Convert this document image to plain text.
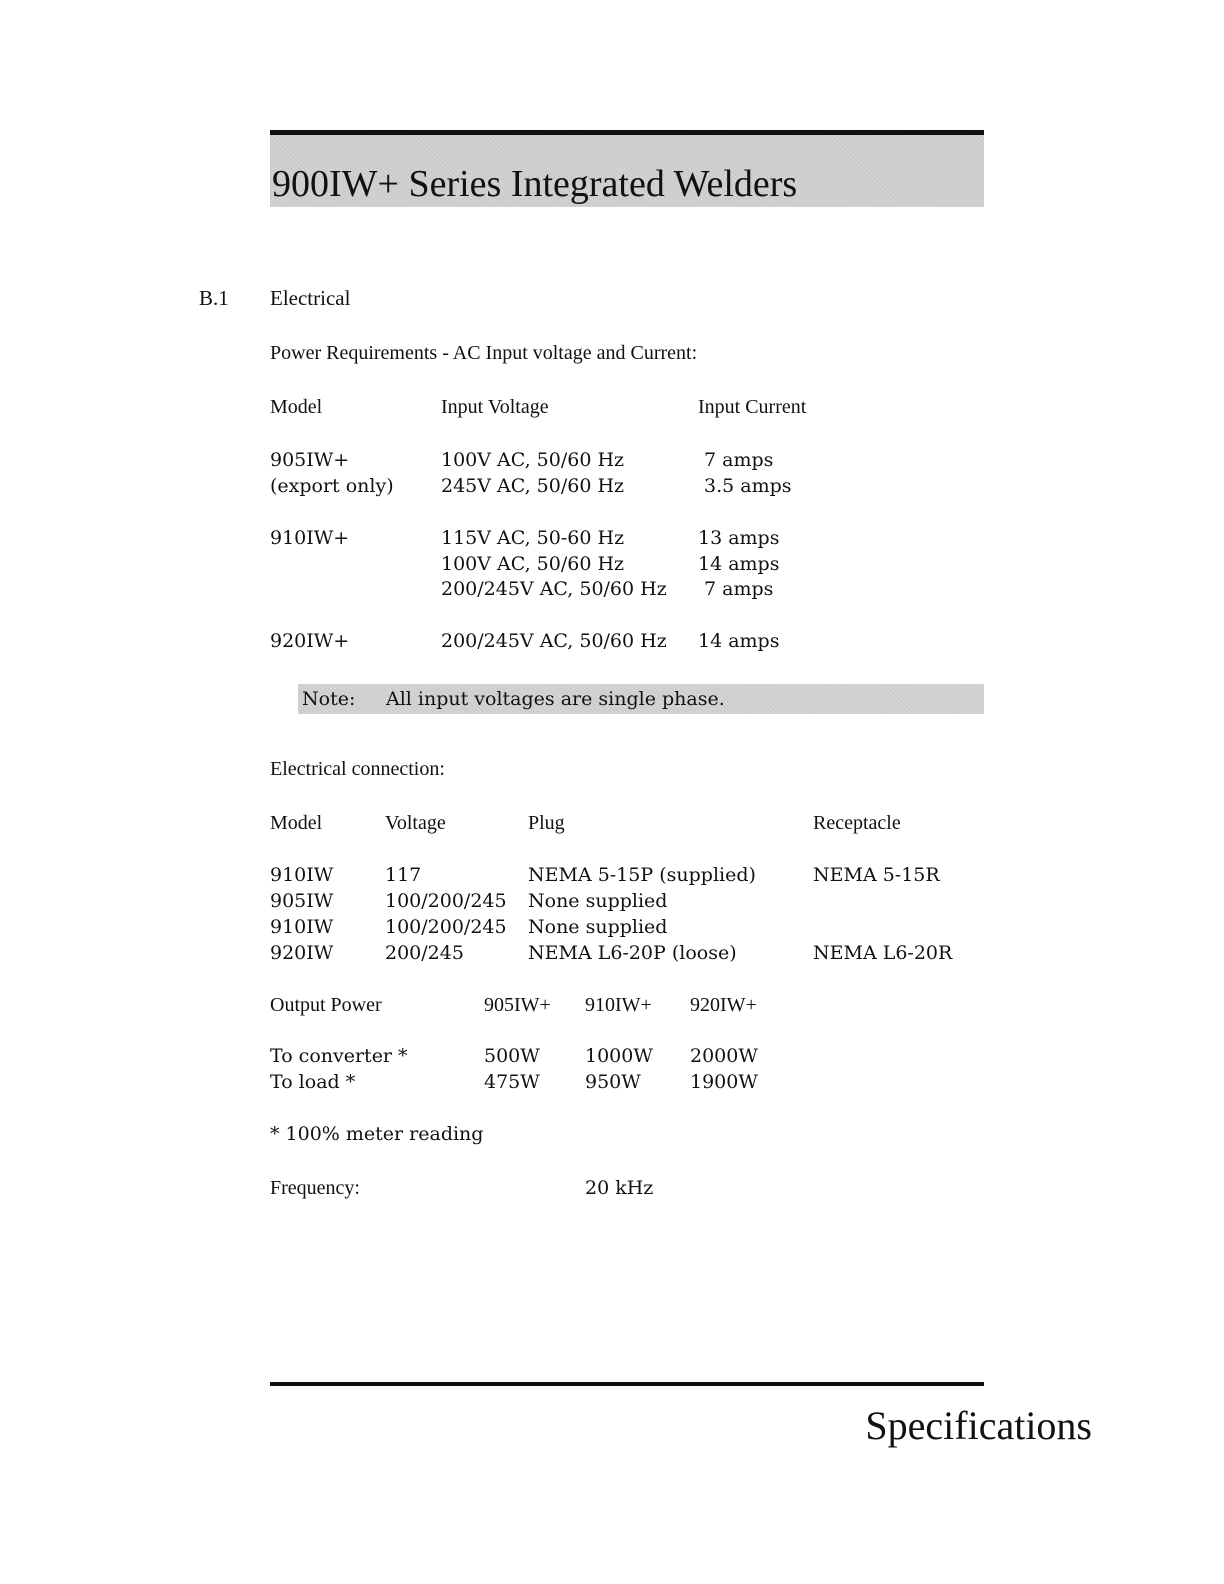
900IW+ Series Integrated Welders
B.1 Electrical
Power Requirements - AC Input voltage and Current:
Model	Input Voltage	Input Current
905IW+	100V AC, 50/60 Hz	7 amps
(export only) 245V AC, 50/60 Hz	3.5 amps
910IW+	115V AC, 50-60 Hz	13 amps
100V AC, 50/60 Hz	14 amps
200/245V AC, 50/60 Hz 7 amps
920IW+	200/245V AC, 50/60 Hz 14 amps
Note: All input voltages are single phase.
Electrical connection:
Model	Voltage	Plug	Receptacle
910IW	117	NEMA 5-15P (supplied)	NEMA 5-15R
905IW	100/200/245 None supplied
910IW	100/200/245 None supplied
920IW	200/245	NEMA L6-20P (loose)	NEMA L6-20R
Output Power	905IW+ 910IW+ 920IW+
To converter *	500W 1000W 2000W
To load *	475W 950W	1900W
* 100% meter reading
Frequency:	20 kHz
Specifications
